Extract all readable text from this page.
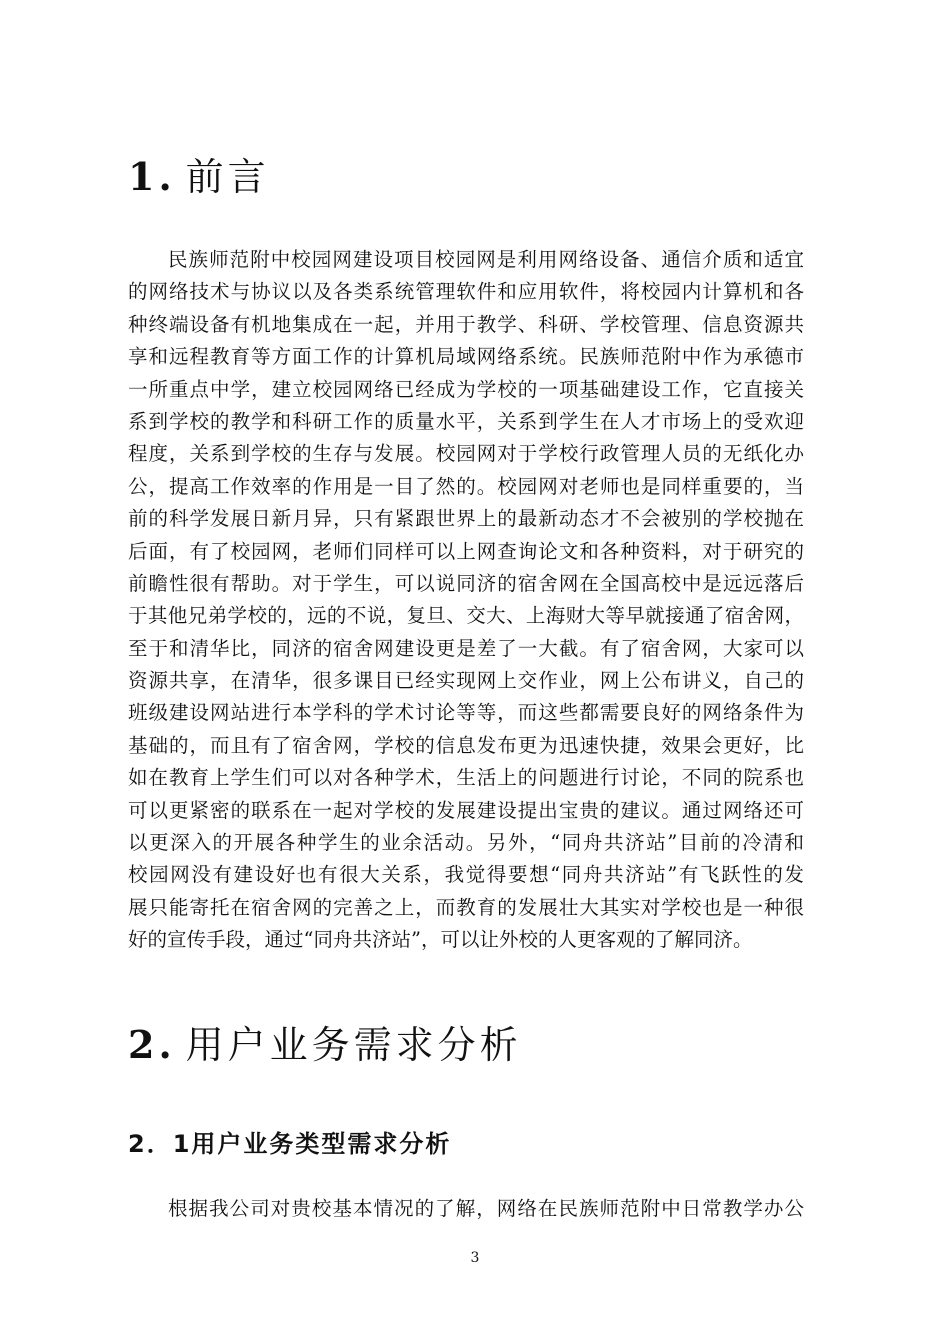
1. 前言
民族师范附中校园网建设项目校园网是利用网络设备、通信介质和适宜
的网络技术与协议以及各类系统管理软件和应用软件，将校园内计算机和各
种终端设备有机地集成在一起，并用于教学、科研、学校管理、信息资源共
享和远程教育等方面工作的计算机局域网络系统。民族师范附中作为承德市
一所重点中学，建立校园网络已经成为学校的一项基础建设工作，它直接关
系到学校的教学和科研工作的质量水平，关系到学生在人才市场上的受欢迎
程度，关系到学校的生存与发展。校园网对于学校行政管理人员的无纸化办
公，提高工作效率的作用是一目了然的。校园网对老师也是同样重要的，当
前的科学发展日新月异，只有紧跟世界上的最新动态才不会被别的学校抛在
后面，有了校园网，老师们同样可以上网查询论文和各种资料，对于研究的
前瞻性很有帮助。对于学生，可以说同济的宿舍网在全国高校中是远远落后
于其他兄弟学校的，远的不说，复旦、交大、上海财大等早就接通了宿舍网，
至于和清华比，同济的宿舍网建设更是差了一大截。有了宿舍网，大家可以
资源共享，在清华，很多课目已经实现网上交作业，网上公布讲义，自己的
班级建设网站进行本学科的学术讨论等等，而这些都需要良好的网络条件为
基础的，而且有了宿舍网，学校的信息发布更为迅速快捷，效果会更好，比
如在教育上学生们可以对各种学术，生活上的问题进行讨论，不同的院系也
可以更紧密的联系在一起对学校的发展建设提出宝贵的建议。通过网络还可
以更深入的开展各种学生的业余活动。另外，“同舟共济站”目前的冷清和
校园网没有建设好也有很大关系，我觉得要想“同舟共济站”有飞跃性的发
展只能寄托在宿舍网的完善之上，而教育的发展壮大其实对学校也是一种很
好的宣传手段，通过“同舟共济站”，可以让外校的人更客观的了解同济。
2. 用户业务需求分析
2．1用户业务类型需求分析
根据我公司对贵校基本情况的了解，网络在民族师范附中日常教学办公
3
